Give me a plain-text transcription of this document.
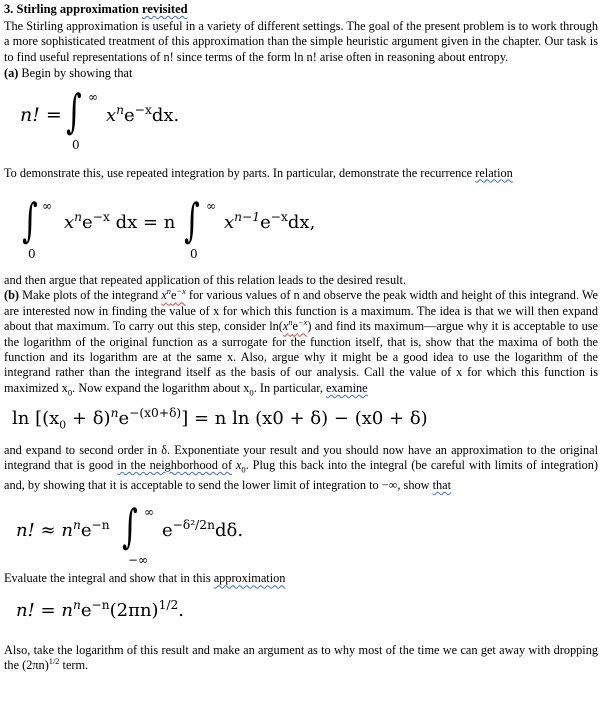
3. Stirling approximation revisited

The Stirling approximation is useful in a variety of different settings. The goal of the present problem is to work through a more sophisticated treatment of this approximation than the simple heuristic argument given in the chapter. Our task is to find useful representations of n! since terms of the form ln n! arise often in reasoning about entropy.

(a) Begin by showing that

n! = ∫ ∞
0
$x^ne^{-x}dx$.

To demonstrate this, use repeated integration by parts. In particular, demonstrate the recurrence relation

∫ ∞
0
$x^ne^{-x}$ dx = n ∫ ∞
0
$x^{n-1}e^{-x}dx$,

and then argue that repeated application of this relation leads to the desired result.

(b) Make plots of the integrand $x^ne^{-x}$ for various values of n and observe the peak width and height of this integrand. We are interested now in finding the value of x for which this function is a maximum. The idea is that we will then expand about that maximum. To carry out this step, consider $\ln(x^ne^{-x})$ and find its maximum—argue why it is acceptable to use the logarithm of the original function as a surrogate for the function itself, that is, show that the maxima of both the function and its logarithm are at the same x. Also, argue why it might be a good idea to use the logarithm of the integrand rather than the integrand itself as the basis of our analysis. Call the value of x for which this function is maximized $x_0$. Now expand the logarithm about $x_0$. In particular, examine

$\ln [(x_0 + \delta)^ne^{-(x0+\delta)}] = n$ ln (x0 + δ) − (x0 + δ)

and expand to second order in δ. Exponentiate your result and you should now have an approximation to the original integrand that is good in the neighborhood of $x_0$. Plug this back into the integral (be careful with limits of integration) and, by showing that it is acceptable to send the lower limit of integration to −∞, show that

n! ≈ $n^ne^{-n}$ ∫ ∞
−∞
$e^{-\delta^2/2n}d\delta$.

Evaluate the integral and show that in this approximation

n! = $n^ne^{-n}(2\pi n)^{1/2}$.

Also, take the logarithm of this result and make an argument as to why most of the time we can get away with dropping the $(2\pi n)^{1/2}$ term.
